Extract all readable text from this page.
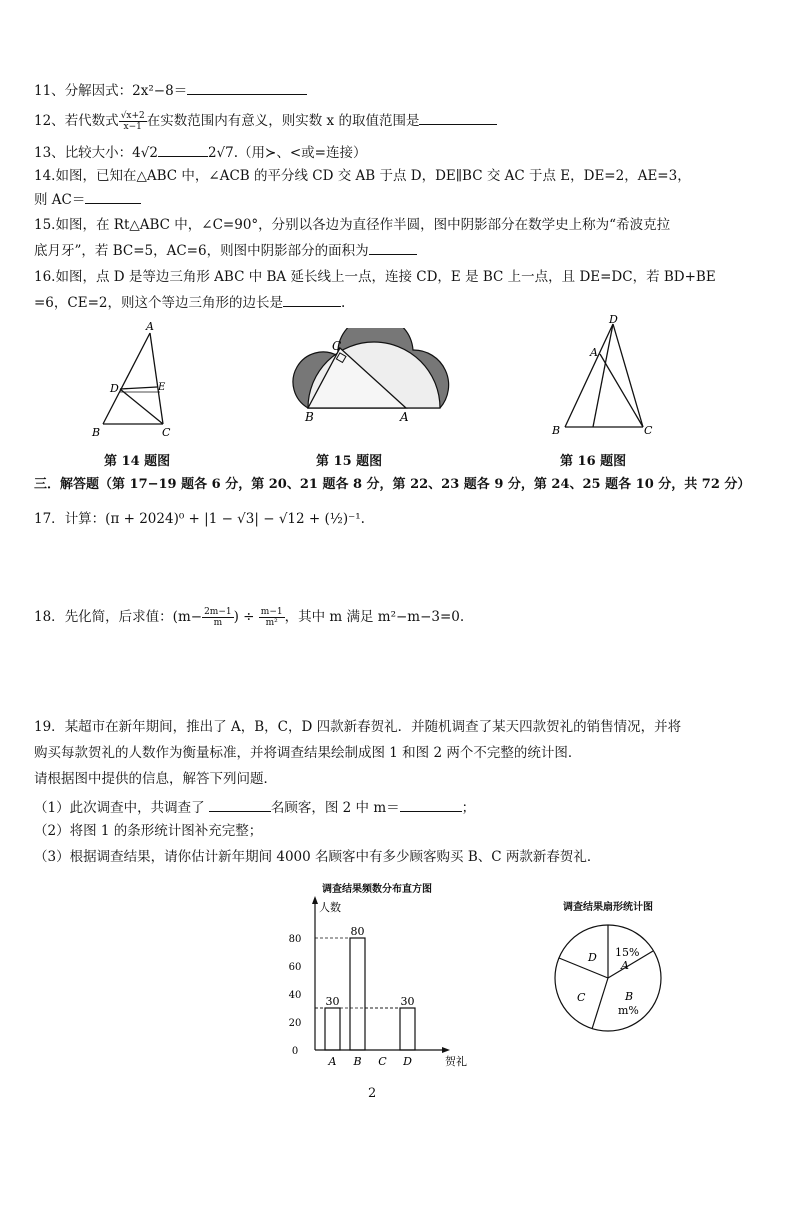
11、分解因式：2x²−8＝
12、若代数式 $\frac{√x+2}{x-1}$ 在实数范围内有意义，则实数 x 的取值范围是
13、比较大小：4√2	2√7.（用≻、<或=连接）
14.如图，已知在△ABC 中，∠ACB 的平分线 CD 交 AB 于点 D，DE∥BC 交 AC 于点 E，DE=2，AE=3，
则 AC＝
15.如图，在 Rt△ABC 中，∠C=90°，分别以各边为直径作半圆，图中阴影部分在数学史上称为“希波克拉
底月牙”，若 BC=5，AC=6，则图中阴影部分的面积为
16.如图，点 D 是等边三角形 ABC 中 BA 延长线上一点，连接 CD，E 是 BC 上一点，且 DE=DC，若 BD+BE
=6，CE=2，则这个等边三角形的边长是	.
A
B	C
D	E
第 14 题图
C
B	A
第 15 题图
D
A
B	C
第 16 题图
三．解答题（第 17−19 题各 6 分，第 20、21 题各 8 分，第 22、23 题各 9 分，第 24、25 题各 10 分，共 72 分）
17．计算：(π + 2024)⁰ + |1 − √3| − √12 + (½)⁻¹.
18．先化简，后求值：($m- \frac{2m-1}{m}$ ) ÷ $\frac{m-1}{\text{m²}}$ ，其中 m 满足 m²−m−3=0.
19．某超市在新年期间，推出了 A，B，C，D 四款新春贺礼．并随机调查了某天四款贺礼的销售情况，并将
购买每款贺礼的人数作为衡量标准，并将调查结果绘制成图 1 和图 2 两个不完整的统计图．
请根据图中提供的信息，解答下列问题．
（1）此次调查中，共调查了	名顾客，图 2 中 m＝	；
（2）将图 1 的条形统计图补充完整；
（3）根据调查结果，请你估计新年期间 4000 名顾客中有多少顾客购买 B、C 两款新春贺礼．
调查结果频数分布直方图
人数
贺礼
0
20
40
60
80
A
30
B
80
C D
30
调查结果扇形统计图
15%
A
B
m%
C
D
2
